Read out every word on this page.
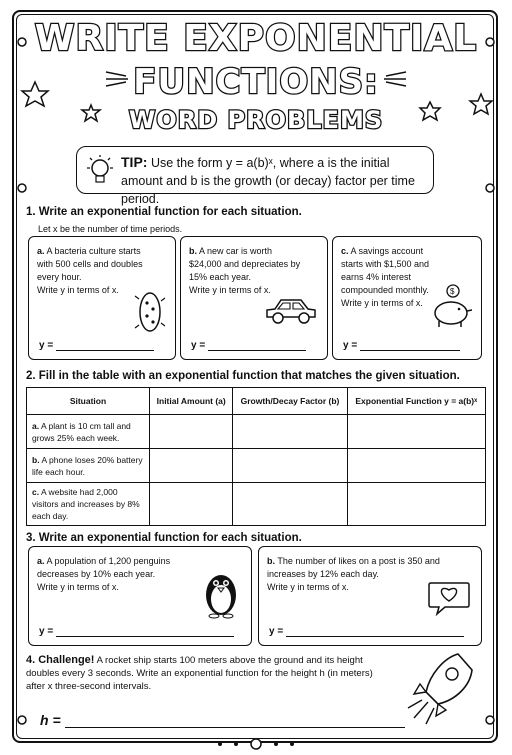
WRITE EXPONENTIAL
FUNCTIONS:
WORD PROBLEMS
TIP: Use the form y = a(b)ˣ, where a is the initial amount and b is the growth (or decay) factor per time period.
1. Write an exponential function for each situation.
Let x be the number of time periods.
a. A bacteria culture starts with 500 cells and doubles every hour.
Write y in terms of x.
y =
b. A new car is worth $24,000 and depreciates by 15% each year.
Write y in terms of x.
y =
c. A savings account starts with $1,500 and earns 4% interest compounded monthly.
Write y in terms of x.
$
y =
2. Fill in the table with an exponential function that matches the given situation.
Situation	Initial Amount (a)	Growth/Decay Factor (b)	Exponential Function y = a(b)ˣ
a. A plant is 10 cm tall and grows 25% each week.			
b. A phone loses 20% battery life each hour.			
c. A website had 2,000 visitors and increases by 8% each day.			
3. Write an exponential function for each situation.
a. A population of 1,200 penguins decreases by 10% each year.
Write y in terms of x.
y =
b. The number of likes on a post is 350 and increases by 12% each day.
Write y in terms of x.
y =
4. Challenge! A rocket ship starts 100 meters above the ground and its height doubles every 3 seconds. Write an exponential function for the height h (in meters) after x three-second intervals.
h =
